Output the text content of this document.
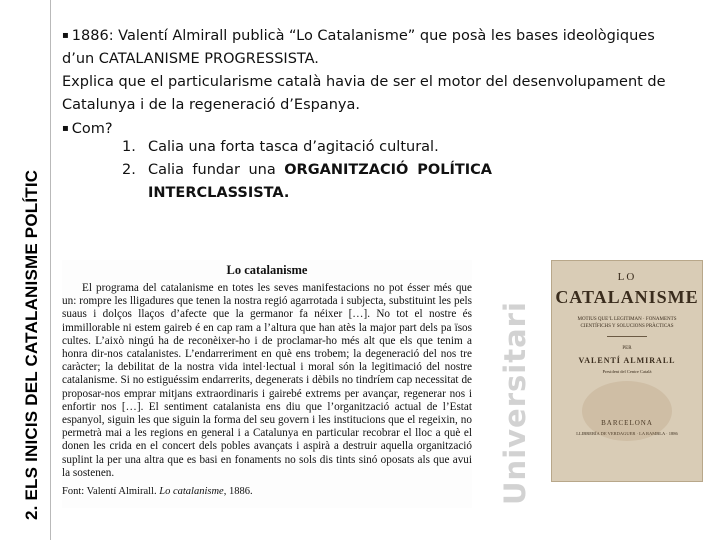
2. ELS INICIS DEL CATALANISME POLÍTIC

▪ 1886: Valentí Almirall publicà “Lo Catalanisme” que posà les bases ideològiques

d’un CATALANISME PROGRESSISTA.

Explica que el particularisme català havia de ser el motor del desenvolupament de

Catalunya i de la regeneració d’Espanya.

▪ Com?

1. Calia una forta tasca d’agitació cultural.
2. Calia fundar una ORGANITZACIÓ POLÍTICA
INTERCLASSISTA.
Lo catalanisme
El programa del catalanisme en totes les seves manifestacions no pot ésser més que un: rompre les lligadures que tenen la nostra regió agarrotada i subjecta, substituint les pels suaus i dolços llaços d’afecte que la germanor fa néixer […]. No tot el nostre és immillorable ni estem gaireb é en cap ram a l’altura que han atès la major part dels pa ïsos cultes. L’això ningú ha de reconèixer-ho i de proclamar-ho més alt que els que tenim a honra dir-nos catalanistes. L’endarreriment en què ens trobem; la degeneració del nos tre caràcter; la debilitat de la nostra vida intel·lectual i moral són la legitimació del nostre catalanisme. Si no estiguéssim endarrerits, degenerats i dèbils no tindríem cap necessitat de proposar-nos emprar mitjans extraordinaris i gairebé extrems per avançar, regenerar nos i enfortir nos […]. El sentiment catalanista ens diu que l’organització actual de l’Estat espanyol, siguin les que siguin la forma del seu govern i les institucions que el regeixin, no permetrà mai a les regions en general i a Catalunya en particular recobrar el lloc a què el donen les crida en el concert dels pobles avançats i aspirà a destruir aquella organització suplint la per una altra que es basi en fonaments no sols dis tints sinó oposats als que avui la sostenen.
Font: Valentí Almirall. Lo catalanisme, 1886.	Universitari
LO
CATALANISME
MOTIUS QUE’L LEGITIMAN · FONAMENTS CIENTÍFICHS Y SOLUCIONS PRÀCTICAS
PER
VALENTÍ ALMIRALL
President del Centre Català
BARCELONA
LLIBRERÍA DE VERDAGUER · LA RAMBLA · 1886
